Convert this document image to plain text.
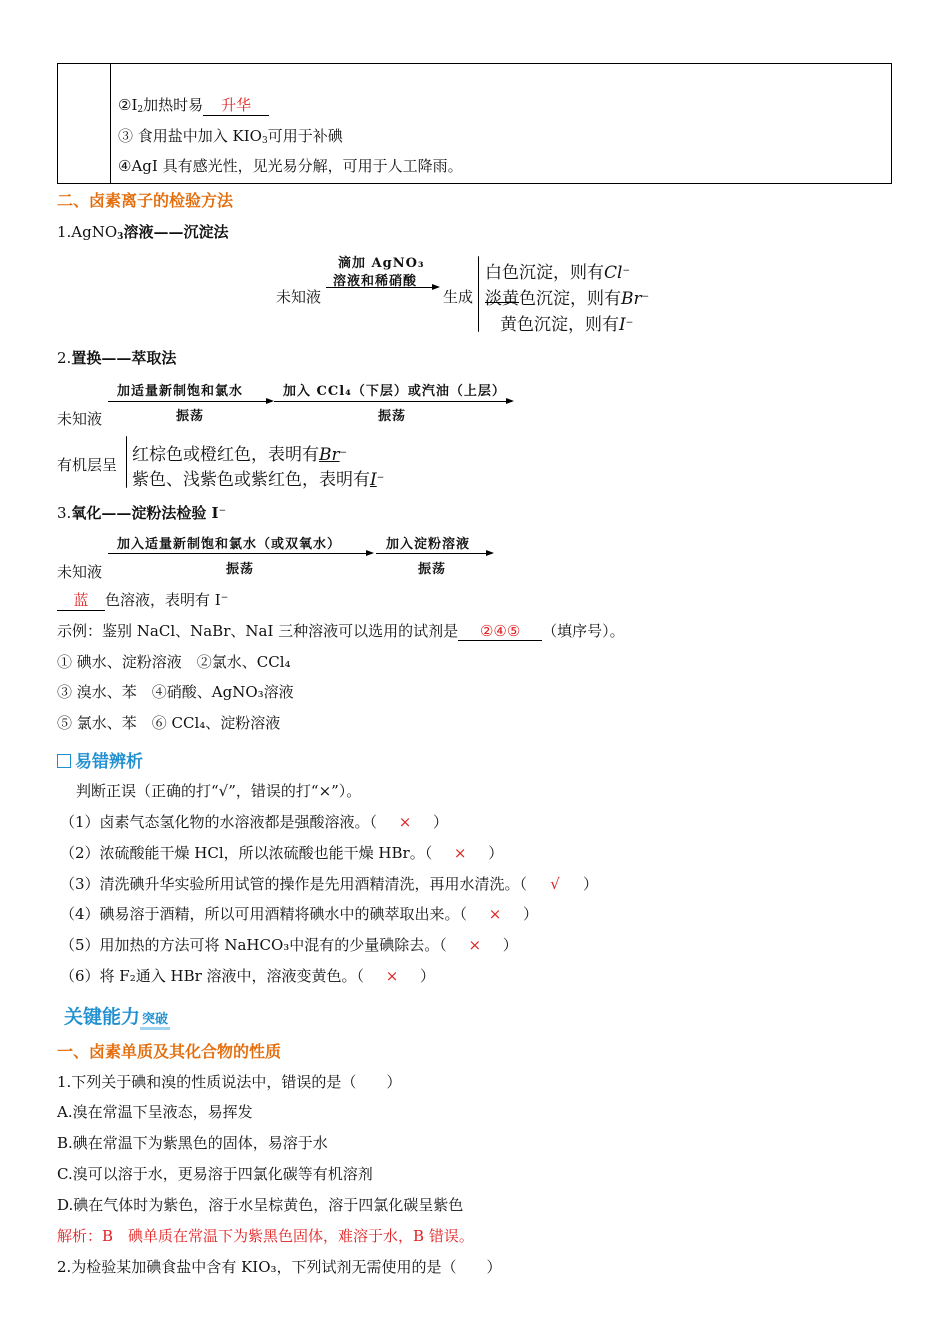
$②I_2$加热时易 升华
③ 食用盐中加入 $KIO_3$可用于补碘
④AgI 具有感光性，见光易分解，可用于人工降雨。
二、卤素离子的检验方法
1.AgNO$_3$溶液——沉淀法
未知液
滴加 AgNO₃
溶液和稀硝酸
生成
白色沉淀，则有Cl−
淡黄色沉淀，则有Br−
黄色沉淀，则有I−
2.置换——萃取法
加适量新制饱和氯水
振荡
加入 CCl₄（下层）或汽油（上层）
振荡
未知液
有机层呈 红棕色或橙红色，表明有Br−
紫色、浅紫色或紫红色，表明有I−
3.氧化——淀粉法检验 I−
加入适量新制饱和氯水（或双氧水）
振荡
加入淀粉溶液
振荡
未知液
蓝 色溶液，表明有 I−
示例：鉴别 NaCl、NaBr、NaI 三种溶液可以选用的试剂是 ②④⑤ （填序号）。
① 碘水、淀粉溶液　②氯水、CCl₄
③ 溴水、苯　④硝酸、AgNO₃溶液
⑤ 氯水、苯　⑥ CCl₄、淀粉溶液
易错辨析
判断正误（正确的打“√”，错误的打“×”）。
（1）卤素气态氢化物的水溶液都是强酸溶液。（ × ）
（2）浓硫酸能干燥 HCl，所以浓硫酸也能干燥 HBr。（ × ）
（3）清洗碘升华实验所用试管的操作是先用酒精清洗，再用水清洗。（ √ ）
（4）碘易溶于酒精，所以可用酒精将碘水中的碘萃取出来。（ × ）
（5）用加热的方法可将 NaHCO₃中混有的少量碘除去。（ × ）
（6）将 F₂通入 HBr 溶液中，溶液变黄色。（ × ）
关键能力 突破
一、卤素单质及其化合物的性质
1.下列关于碘和溴的性质说法中，错误的是（　　）
A.溴在常温下呈液态，易挥发
B.碘在常温下为紫黑色的固体，易溶于水
C.溴可以溶于水，更易溶于四氯化碳等有机溶剂
D.碘在气体时为紫色，溶于水呈棕黄色，溶于四氯化碳呈紫色
解析：B　 碘单质在常温下为紫黑色固体，难溶于水，B 错误。
2.为检验某加碘食盐中含有 KIO₃，下列试剂无需使用的是（　　）
